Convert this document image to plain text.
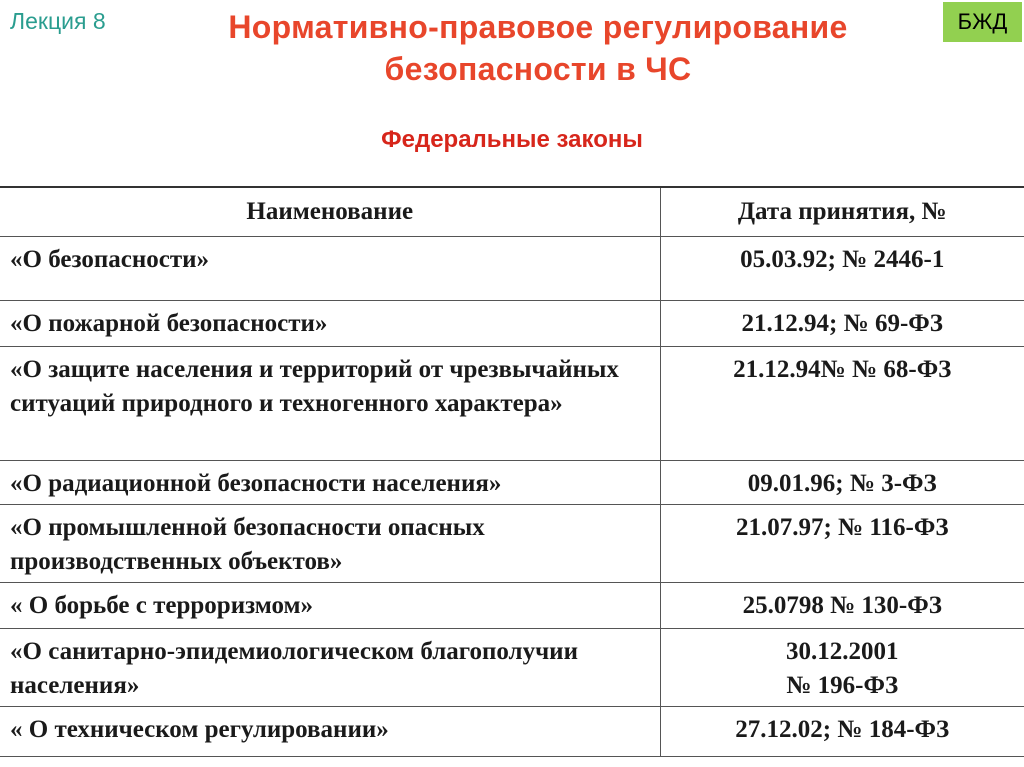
Лекция 8	БЖД
Нормативно-правовое регулирование
безопасности в ЧС
Федеральные законы
Наименование	Дата принятия, №
«О безопасности»	05.03.92; № 2446-1

«О пожарной безопасности»	21.12.94; № 69-ФЗ

«О защите населения и территорий от чрезвычайных ситуаций природного и техногенного характера»	21.12.94№ № 68-ФЗ

«О радиационной безопасности населения»	09.01.96; № 3-ФЗ

«О промышленной безопасности опасных производственных объектов»	21.07.97; № 116-ФЗ

« О борьбе с терроризмом»	25.0798 № 130-ФЗ

«О санитарно-эпидемиологическом благополучии населения»	30.12.2001
№ 196-ФЗ

« О техническом регулировании»	27.12.02; № 184-ФЗ
